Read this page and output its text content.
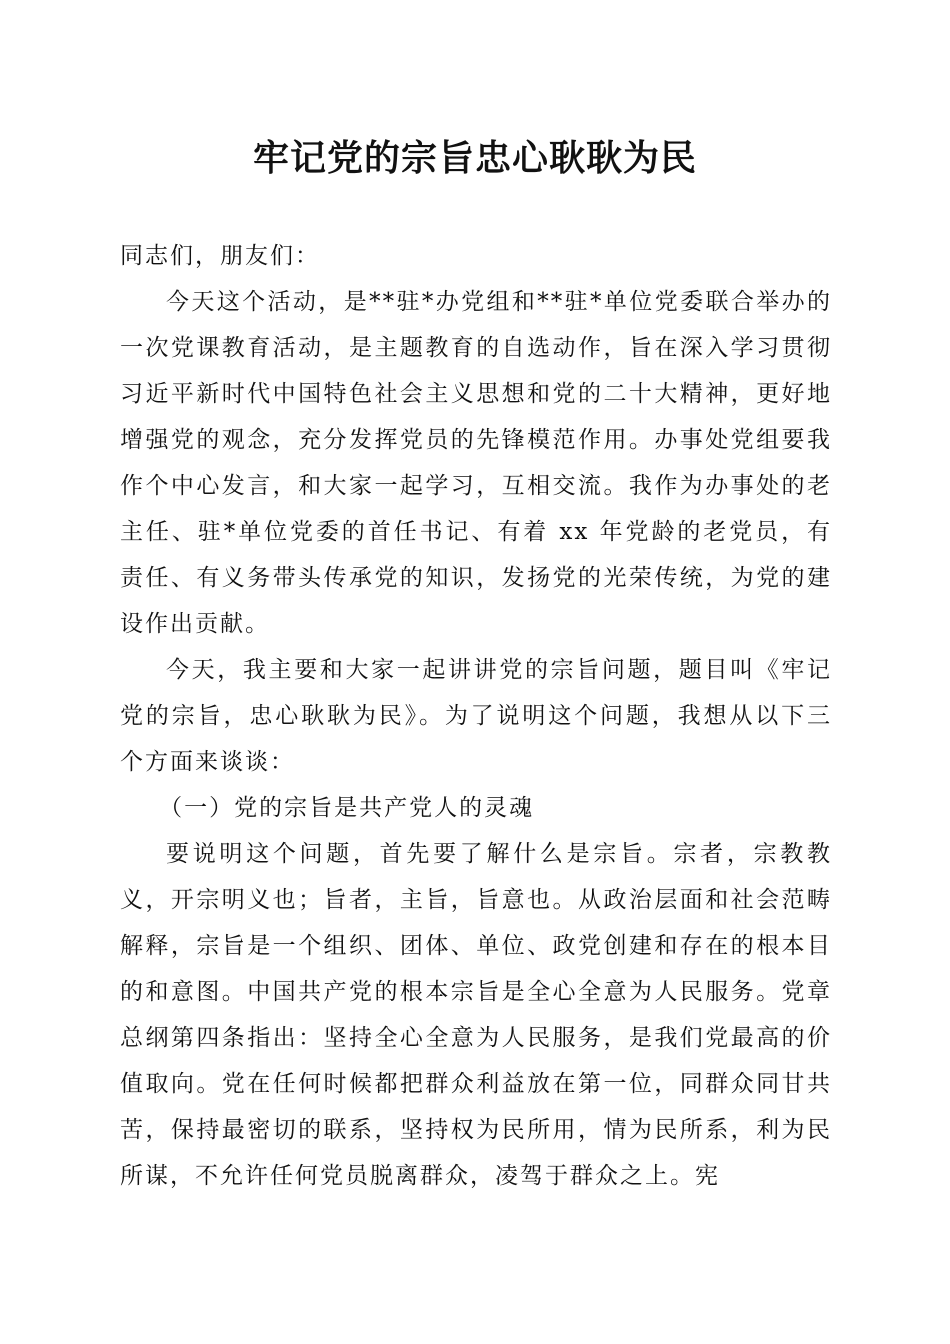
牢记党的宗旨忠心耿耿为民

同志们，朋友们：

今天这个活动，是**驻*办党组和**驻*单位党委联合举办的一次党课教育活动，是主题教育的自选动作，旨在深入学习贯彻习近平新时代中国特色社会主义思想和党的二十大精神，更好地增强党的观念，充分发挥党员的先锋模范作用。办事处党组要我作个中心发言，和大家一起学习，互相交流。我作为办事处的老主任、驻*单位党委的首任书记、有着 xx 年党龄的老党员，有责任、有义务带头传承党的知识，发扬党的光荣传统，为党的建设作出贡献。

今天，我主要和大家一起讲讲党的宗旨问题，题目叫《牢记党的宗旨，忠心耿耿为民》。为了说明这个问题，我想从以下三个方面来谈谈：

（一）党的宗旨是共产党人的灵魂

要说明这个问题，首先要了解什么是宗旨。宗者，宗教教义，开宗明义也；旨者，主旨，旨意也。从政治层面和社会范畴解释，宗旨是一个组织、团体、单位、政党创建和存在的根本目的和意图。中国共产党的根本宗旨是全心全意为人民服务。党章总纲第四条指出：坚持全心全意为人民服务，是我们党最高的价值取向。党在任何时候都把群众利益放在第一位，同群众同甘共苦，保持最密切的联系，坚持权为民所用，情为民所系，利为民所谋，不允许任何党员脱离群众，凌驾于群众之上。宪
